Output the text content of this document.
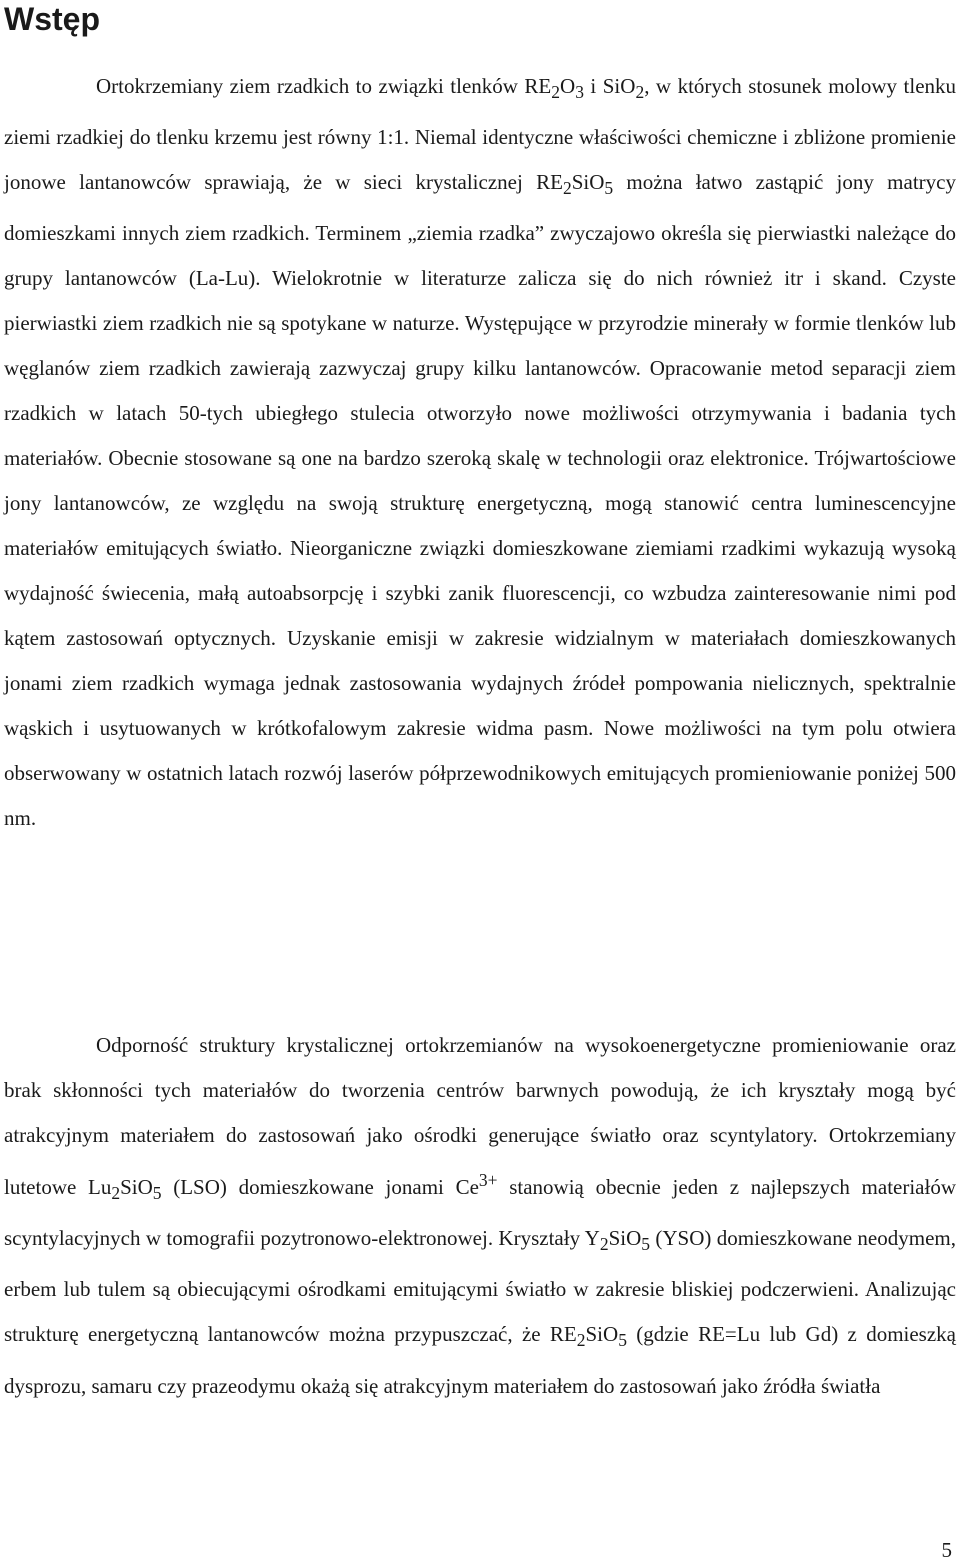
Wstęp

Ortokrzemiany ziem rzadkich to związki tlenków $RE_2O_3$ i SiO$_2$, w których stosunek molowy tlenku ziemi rzadkiej do tlenku krzemu jest równy 1:1. Niemal identyczne właściwości chemiczne i zbliżone promienie jonowe lantanowców sprawiają, że w sieci krystalicznej $RE_2SiO_5$ można łatwo zastąpić jony matrycy domieszkami innych ziem rzadkich. Terminem „ziemia rzadka” zwyczajowo określa się pierwiastki należące do grupy lantanowców (La-Lu). Wielokrotnie w literaturze zalicza się do nich również itr i skand. Czyste pierwiastki ziem rzadkich nie są spotykane w naturze. Występujące w przyrodzie minerały w formie tlenków lub węglanów ziem rzadkich zawierają zazwyczaj grupy kilku lantanowców. Opracowanie metod separacji ziem rzadkich w latach 50-tych ubiegłego stulecia otworzyło nowe możliwości otrzymywania i badania tych materiałów. Obecnie stosowane są one na bardzo szeroką skalę w technologii oraz elektronice. Trójwartościowe jony lantanowców, ze względu na swoją strukturę energetyczną, mogą stanowić centra luminescencyjne materiałów emitujących światło. Nieorganiczne związki domieszkowane ziemiami rzadkimi wykazują wysoką wydajność świecenia, małą autoabsorpcję i szybki zanik fluorescencji, co wzbudza zainteresowanie nimi pod kątem zastosowań optycznych. Uzyskanie emisji w zakresie widzialnym w materiałach domieszkowanych jonami ziem rzadkich wymaga jednak zastosowania wydajnych źródeł pompowania nielicznych, spektralnie wąskich i usytuowanych w krótkofalowym zakresie widma pasm. Nowe możliwości na tym polu otwiera obserwowany w ostatnich latach rozwój laserów półprzewodnikowych emitujących promieniowanie poniżej 500 nm.

Odporność struktury krystalicznej ortokrzemianów na wysokoenergetyczne promieniowanie oraz brak skłonności tych materiałów do tworzenia centrów barwnych powodują, że ich kryształy mogą być atrakcyjnym materiałem do zastosowań jako ośrodki generujące światło oraz scyntylatory. Ortokrzemiany lutetowe $Lu_2SiO_5$ (LSO) domieszkowane jonami $Ce^{3+}$ stanowią obecnie jeden z najlepszych materiałów scyntylacyjnych w tomografii pozytronowo-elektronowej. Kryształy $Y_2SiO_5$ (YSO) domieszkowane neodymem, erbem lub tulem są obiecującymi ośrodkami emitującymi światło w zakresie bliskiej podczerwieni. Analizując strukturę energetyczną lantanowców można przypuszczać, że $RE_2SiO_5$ (gdzie RE=Lu lub Gd) z domieszką dysprozu, samaru czy prazeodymu okażą się atrakcyjnym materiałem do zastosowań jako źródła światła

5
